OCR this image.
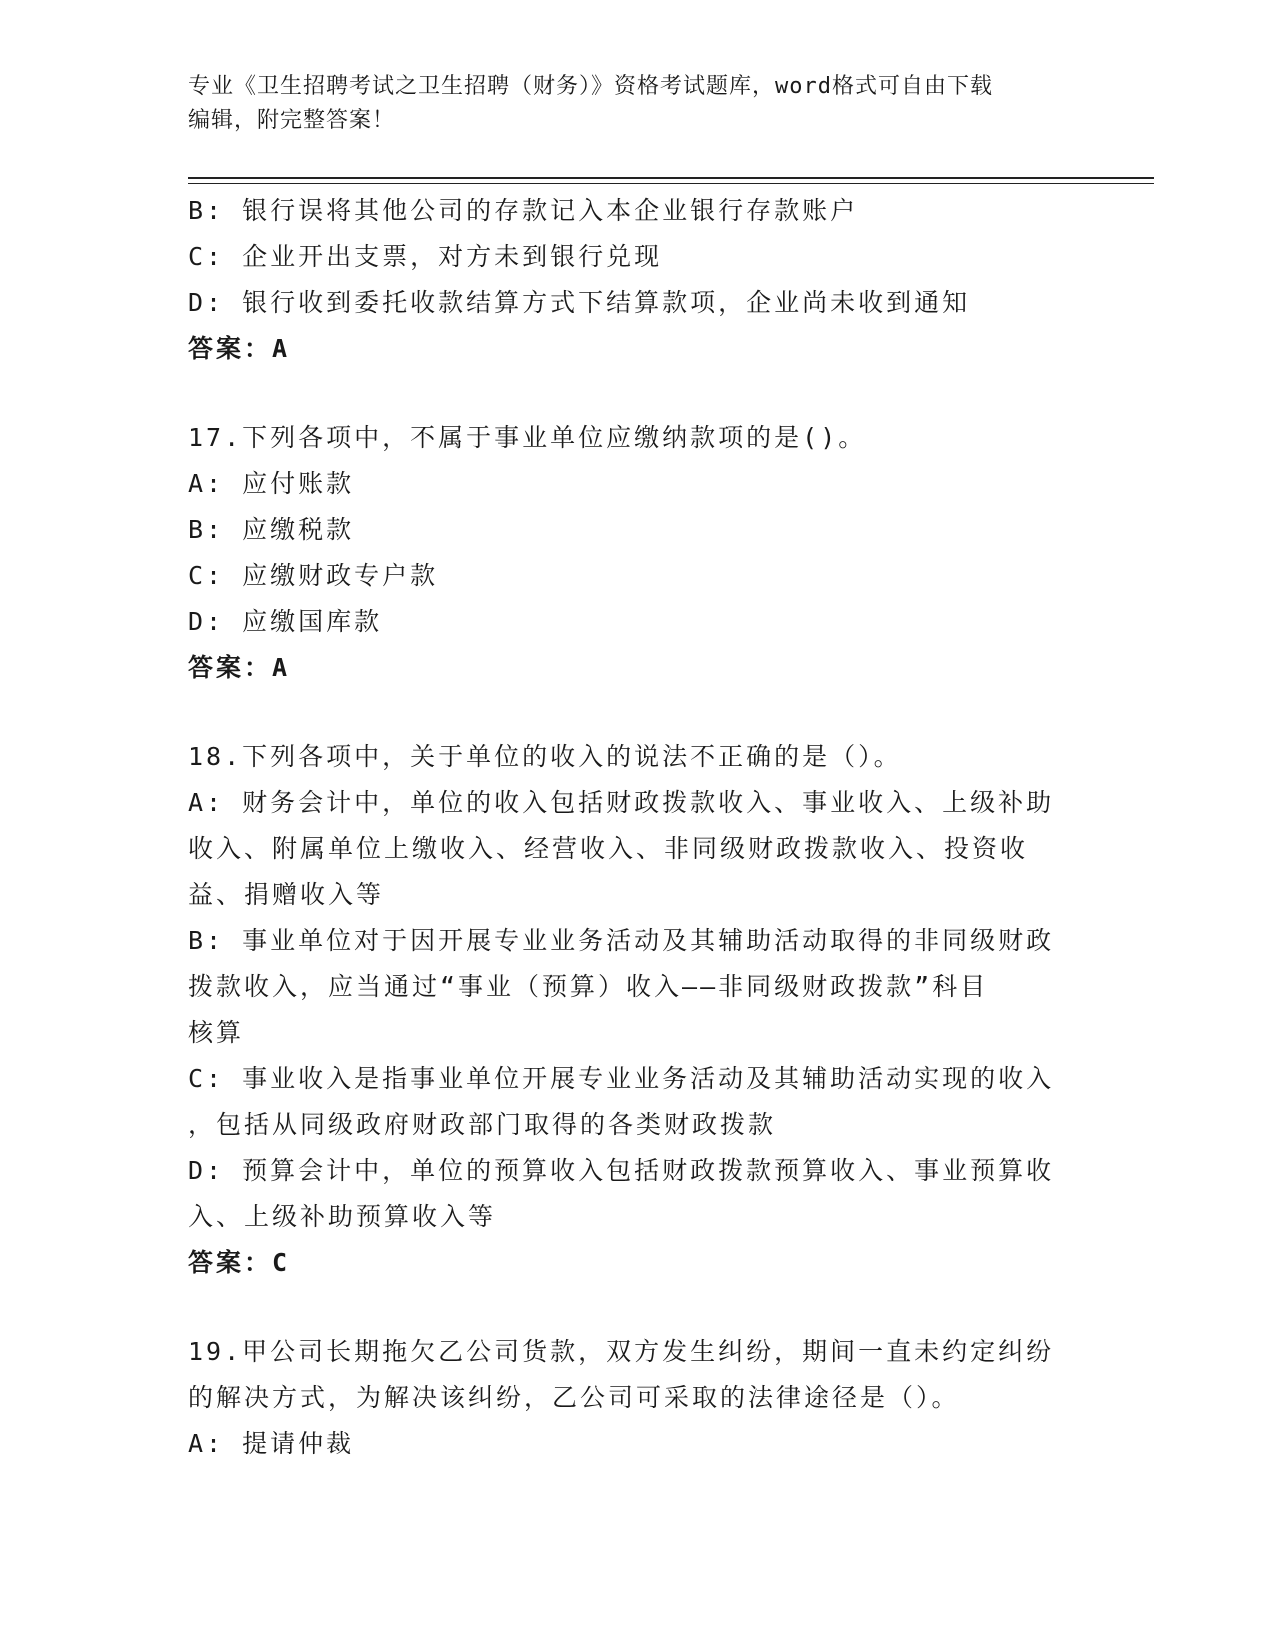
专业《卫生招聘考试之卫生招聘（财务）》资格考试题库，word格式可自由下载
编辑，附完整答案！
B: 银行误将其他公司的存款记入本企业银行存款账户
C: 企业开出支票，对方未到银行兑现
D: 银行收到委托收款结算方式下结算款项，企业尚未收到通知
答案：A
17.下列各项中，不属于事业单位应缴纳款项的是()。
A: 应付账款
B: 应缴税款
C: 应缴财政专户款
D: 应缴国库款
答案：A
18.下列各项中，关于单位的收入的说法不正确的是（）。
A: 财务会计中，单位的收入包括财政拨款收入、事业收入、上级补助
收入、附属单位上缴收入、经营收入、非同级财政拨款收入、投资收
益、捐赠收入等
B: 事业单位对于因开展专业业务活动及其辅助活动取得的非同级财政
拨款收入，应当通过“事业（预算）收入——非同级财政拨款”科目
核算
C: 事业收入是指事业单位开展专业业务活动及其辅助活动实现的收入
，包括从同级政府财政部门取得的各类财政拨款
D: 预算会计中，单位的预算收入包括财政拨款预算收入、事业预算收
入、上级补助预算收入等
答案：C
19.甲公司长期拖欠乙公司货款，双方发生纠纷，期间一直未约定纠纷
的解决方式，为解决该纠纷，乙公司可采取的法律途径是（）。
A: 提请仲裁
